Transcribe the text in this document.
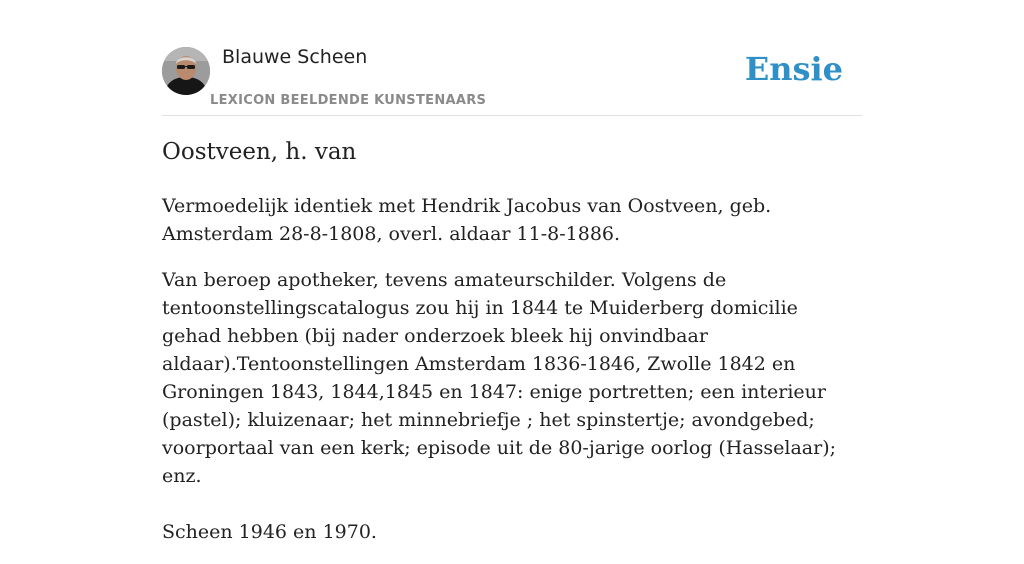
Blauwe Scheen
LEXICON BEELDENDE KUNSTENAARS
Ensie
Oostveen, h. van

Vermoedelijk identiek met Hendrik Jacobus van Oostveen, geb. Amsterdam 28-8-1808, overl. aldaar 11-8-1886.

Van beroep apotheker, tevens amateurschilder. Volgens de tentoonstellingscatalogus zou hij in 1844 te Muiderberg domicilie gehad hebben (bij nader onderzoek bleek hij onvindbaar aldaar).Tentoonstellingen Amsterdam 1836-1846, Zwolle 1842 en Groningen 1843, 1844,1845 en 1847: enige portretten; een interieur (pastel); kluizenaar; het minnebriefje ; het spinstertje; avondgebed; voorportaal van een kerk; episode uit de 80-jarige oorlog (Hasselaar); enz.

Scheen 1946 en 1970.
